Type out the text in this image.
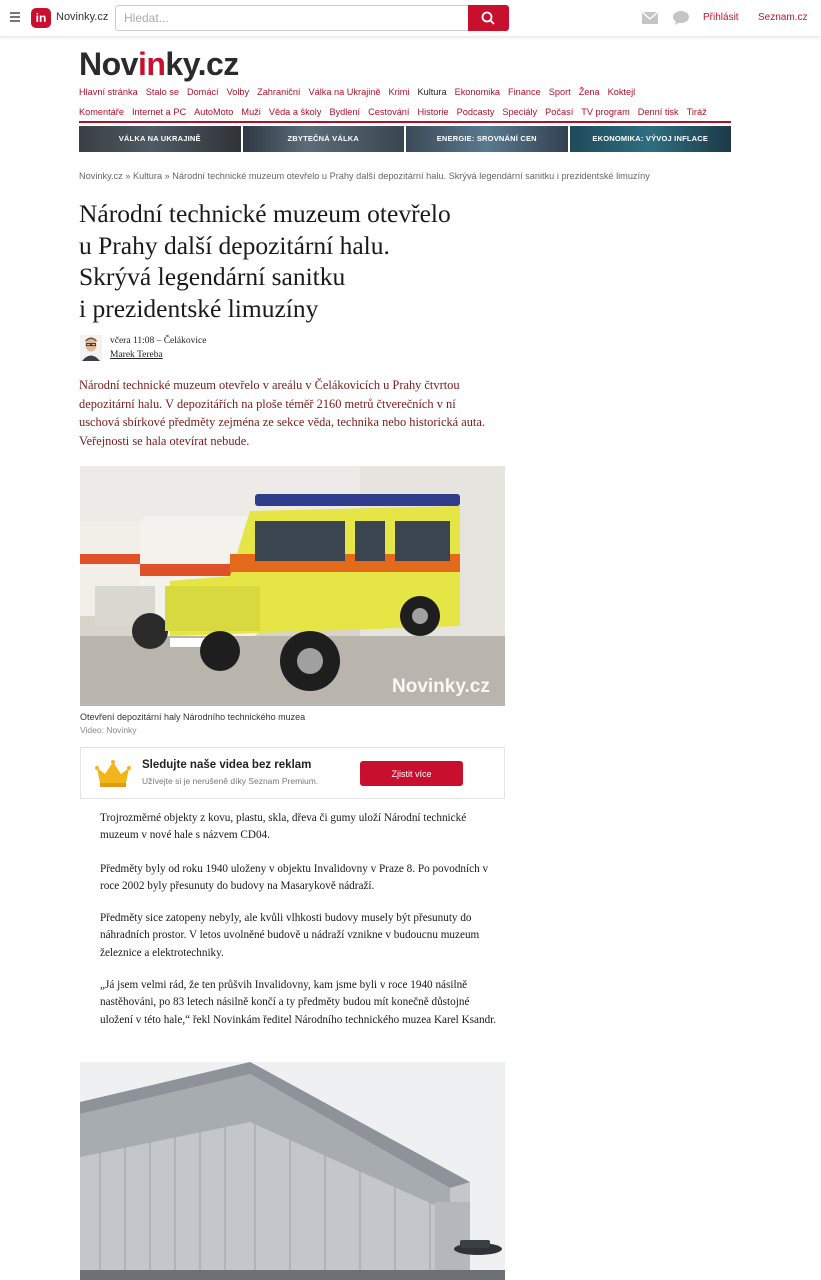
in Novinky.cz
Hledat...	Přihlásit Seznam.cz
Novinky.cz
Hlavní stránka Stalo se Domácí Volby Zahraniční Válka na Ukrajině Krimi Kultura Ekonomika Finance Sport Žena Koktejl
Komentáře Internet a PC AutoMoto Muži Věda a školy Bydlení Cestování Historie Podcasty Speciály Počasí TV program Denní tisk Tiráž
VÁLKA NA UKRAJINĚ	ZBYTEČNÁ VÁLKA	ENERGIE: SROVNÁNÍ CEN	EKONOMIKA: VÝVOJ INFLACE
Novinky.cz » Kultura » Národní technické muzeum otevřelo u Prahy další depozitární halu. Skrývá legendární sanitku i prezidentské limuzíny
Národní technické muzeum otevřelo
u Prahy další depozitární halu.
Skrývá legendární sanitku
i prezidentské limuzíny
včera 11:08 – Čelákovice
Marek Tereba

Národní technické muzeum otevřelo v areálu v Čelákovicích u Prahy čtvrtou depozitární halu. V depozitářích na ploše téměř 2160 metrů čtverečních v ní uschová sbírkové předměty zejména ze sekce věda, technika nebo historická auta. Veřejnosti se hala otevírat nebude.

Novinky.cz
Otevření depozitární haly Národního technického muzea
Video: Novinky
Sledujte naše videa bez reklam
Užívejte si je nerušeně díky Seznam Premium.
Zjistit více

Trojrozměrné objekty z kovu, plastu, skla, dřeva či gumy uloží Národní technické muzeum v nové hale s názvem CD04.

Předměty byly od roku 1940 uloženy v objektu Invalidovny v Praze 8. Po povodních v roce 2002 byly přesunuty do budovy na Masarykově nádraží.

Předměty sice zatopeny nebyly, ale kvůli vlhkosti budovy musely být přesunuty do náhradních prostor. V letos uvolněné budově u nádraží vznikne v budoucnu muzeum železnice a elektrotechniky.

„Já jsem velmi rád, že ten průšvih Invalidovny, kam jsme byli v roce 1940 násilně nastěhováni, po 83 letech násilně končí a ty předměty budou mít konečně důstojné uložení v této hale,“ řekl Novinkám ředitel Národního technického muzea Karel Ksandr.
